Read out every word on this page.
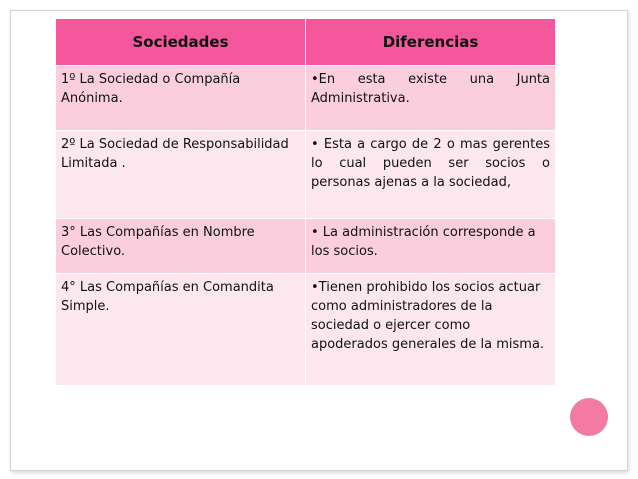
Sociedades	Diferencias
1º La Sociedad o Compañía Anónima.	•En esta existe una Junta Administrativa.
2º La Sociedad de Responsabilidad Limitada .	• Esta a cargo de 2 o mas gerentes lo cual pueden ser socios o personas ajenas a la sociedad,
3° Las Compañías en Nombre Colectivo.	• La administración corresponde a los socios.
4° Las Compañías en Comandita Simple.	•Tienen prohibido los socios actuar como administradores de la sociedad o ejercer como apoderados generales de la misma.
